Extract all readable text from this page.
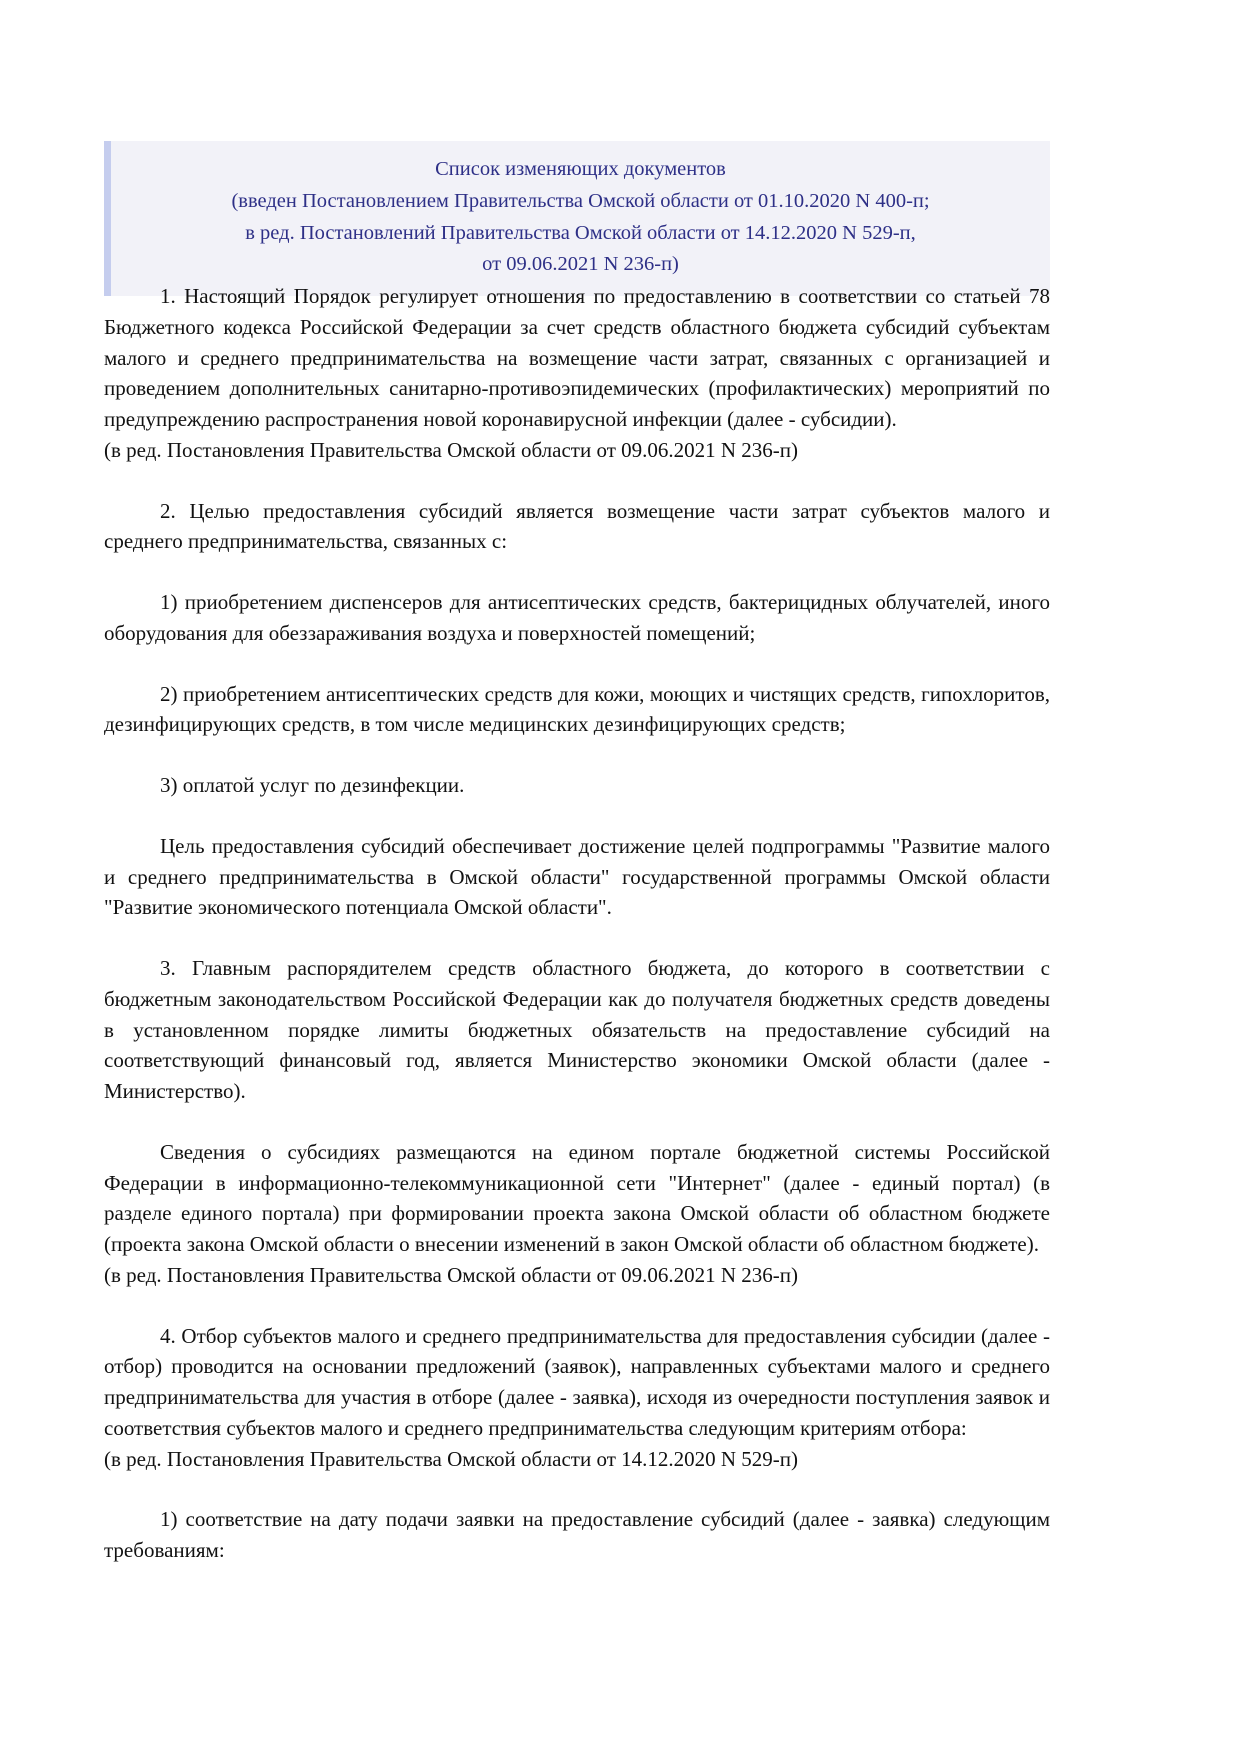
Список изменяющих документов
(введен Постановлением Правительства Омской области от 01.10.2020 N 400-п;
в ред. Постановлений Правительства Омской области от 14.12.2020 N 529-п,
от 09.06.2021 N 236-п)

1. Настоящий Порядок регулирует отношения по предоставлению в соответствии со статьей 78 Бюджетного кодекса Российской Федерации за счет средств областного бюджета субсидий субъектам малого и среднего предпринимательства на возмещение части затрат, связанных с организацией и проведением дополнительных санитарно-противоэпидемических (профилактических) мероприятий по предупреждению распространения новой коронавирусной инфекции (далее - субсидии).

(в ред. Постановления Правительства Омской области от 09.06.2021 N 236-п)

2. Целью предоставления субсидий является возмещение части затрат субъектов малого и среднего предпринимательства, связанных с:

1) приобретением диспенсеров для антисептических средств, бактерицидных облучателей, иного оборудования для обеззараживания воздуха и поверхностей помещений;

2) приобретением антисептических средств для кожи, моющих и чистящих средств, гипохлоритов, дезинфицирующих средств, в том числе медицинских дезинфицирующих средств;

3) оплатой услуг по дезинфекции.

Цель предоставления субсидий обеспечивает достижение целей подпрограммы "Развитие малого и среднего предпринимательства в Омской области" государственной программы Омской области "Развитие экономического потенциала Омской области".

3. Главным распорядителем средств областного бюджета, до которого в соответствии с бюджетным законодательством Российской Федерации как до получателя бюджетных средств доведены в установленном порядке лимиты бюджетных обязательств на предоставление субсидий на соответствующий финансовый год, является Министерство экономики Омской области (далее - Министерство).

Сведения о субсидиях размещаются на едином портале бюджетной системы Российской Федерации в информационно-телекоммуникационной сети "Интернет" (далее - единый портал) (в разделе единого портала) при формировании проекта закона Омской области об областном бюджете (проекта закона Омской области о внесении изменений в закон Омской области об областном бюджете).

(в ред. Постановления Правительства Омской области от 09.06.2021 N 236-п)

4. Отбор субъектов малого и среднего предпринимательства для предоставления субсидии (далее - отбор) проводится на основании предложений (заявок), направленных субъектами малого и среднего предпринимательства для участия в отборе (далее - заявка), исходя из очередности поступления заявок и соответствия субъектов малого и среднего предпринимательства следующим критериям отбора:

(в ред. Постановления Правительства Омской области от 14.12.2020 N 529-п)

1) соответствие на дату подачи заявки на предоставление субсидий (далее - заявка) следующим требованиям:
